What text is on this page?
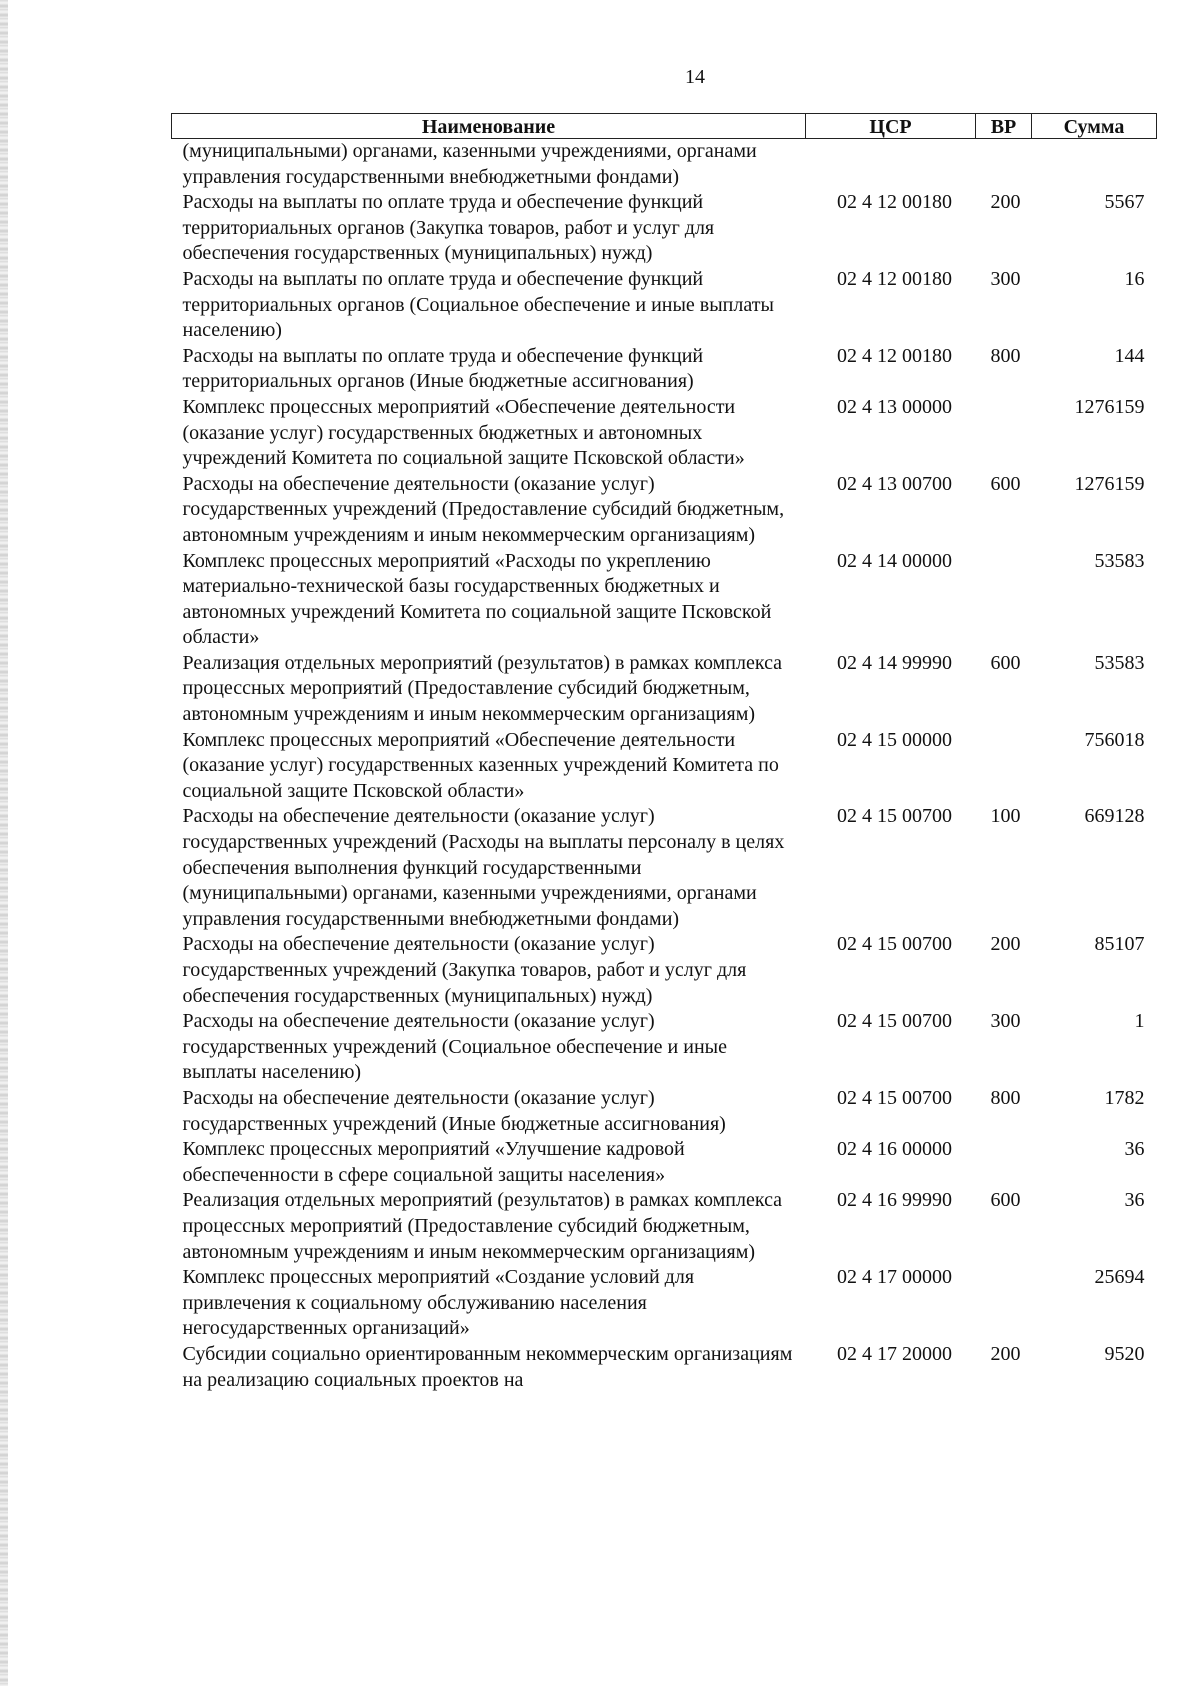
14
Наименование	ЦСР	ВР	Сумма
(муниципальными) органами, казенными учреждениями, органами управления государственными внебюджетными фондами)			
Расходы на выплаты по оплате труда и обеспечение функций территориальных органов (Закупка товаров, работ и услуг для обеспечения государственных (муниципальных) нужд)	02 4 12 00180	200	5567
Расходы на выплаты по оплате труда и обеспечение функций территориальных органов (Социальное обеспечение и иные выплаты населению)	02 4 12 00180	300	16
Расходы на выплаты по оплате труда и обеспечение функций территориальных органов (Иные бюджетные ассигнования)	02 4 12 00180	800	144
Комплекс процессных мероприятий «Обеспечение деятельности (оказание услуг) государственных бюджетных и автономных учреждений Комитета по социальной защите Псковской области»	02 4 13 00000		1276159
Расходы на обеспечение деятельности (оказание услуг) государственных учреждений (Предоставление субсидий бюджетным, автономным учреждениям и иным некоммерческим организациям)	02 4 13 00700	600	1276159
Комплекс процессных мероприятий «Расходы по укреплению материально-технической базы государственных бюджетных и автономных учреждений Комитета по социальной защите Псковской области»	02 4 14 00000		53583
Реализация отдельных мероприятий (результатов) в рамках комплекса процессных мероприятий (Предоставление субсидий бюджетным, автономным учреждениям и иным некоммерческим организациям)	02 4 14 99990	600	53583
Комплекс процессных мероприятий «Обеспечение деятельности (оказание услуг) государственных казенных учреждений Комитета по социальной защите Псковской области»	02 4 15 00000		756018
Расходы на обеспечение деятельности (оказание услуг) государственных учреждений (Расходы на выплаты персоналу в целях обеспечения выполнения функций государственными (муниципальными) органами, казенными учреждениями, органами управления государственными внебюджетными фондами)	02 4 15 00700	100	669128
Расходы на обеспечение деятельности (оказание услуг) государственных учреждений (Закупка товаров, работ и услуг для обеспечения государственных (муниципальных) нужд)	02 4 15 00700	200	85107
Расходы на обеспечение деятельности (оказание услуг) государственных учреждений (Социальное обеспечение и иные выплаты населению)	02 4 15 00700	300	1
Расходы на обеспечение деятельности (оказание услуг) государственных учреждений (Иные бюджетные ассигнования)	02 4 15 00700	800	1782
Комплекс процессных мероприятий «Улучшение кадровой обеспеченности в сфере социальной защиты населения»	02 4 16 00000		36
Реализация отдельных мероприятий (результатов) в рамках комплекса процессных мероприятий (Предоставление субсидий бюджетным, автономным учреждениям и иным некоммерческим организациям)	02 4 16 99990	600	36
Комплекс процессных мероприятий «Создание условий для привлечения к социальному обслуживанию населения негосударственных организаций»	02 4 17 00000		25694
Субсидии социально ориентированным некоммерческим организациям на реализацию социальных проектов на	02 4 17 20000	200	9520
